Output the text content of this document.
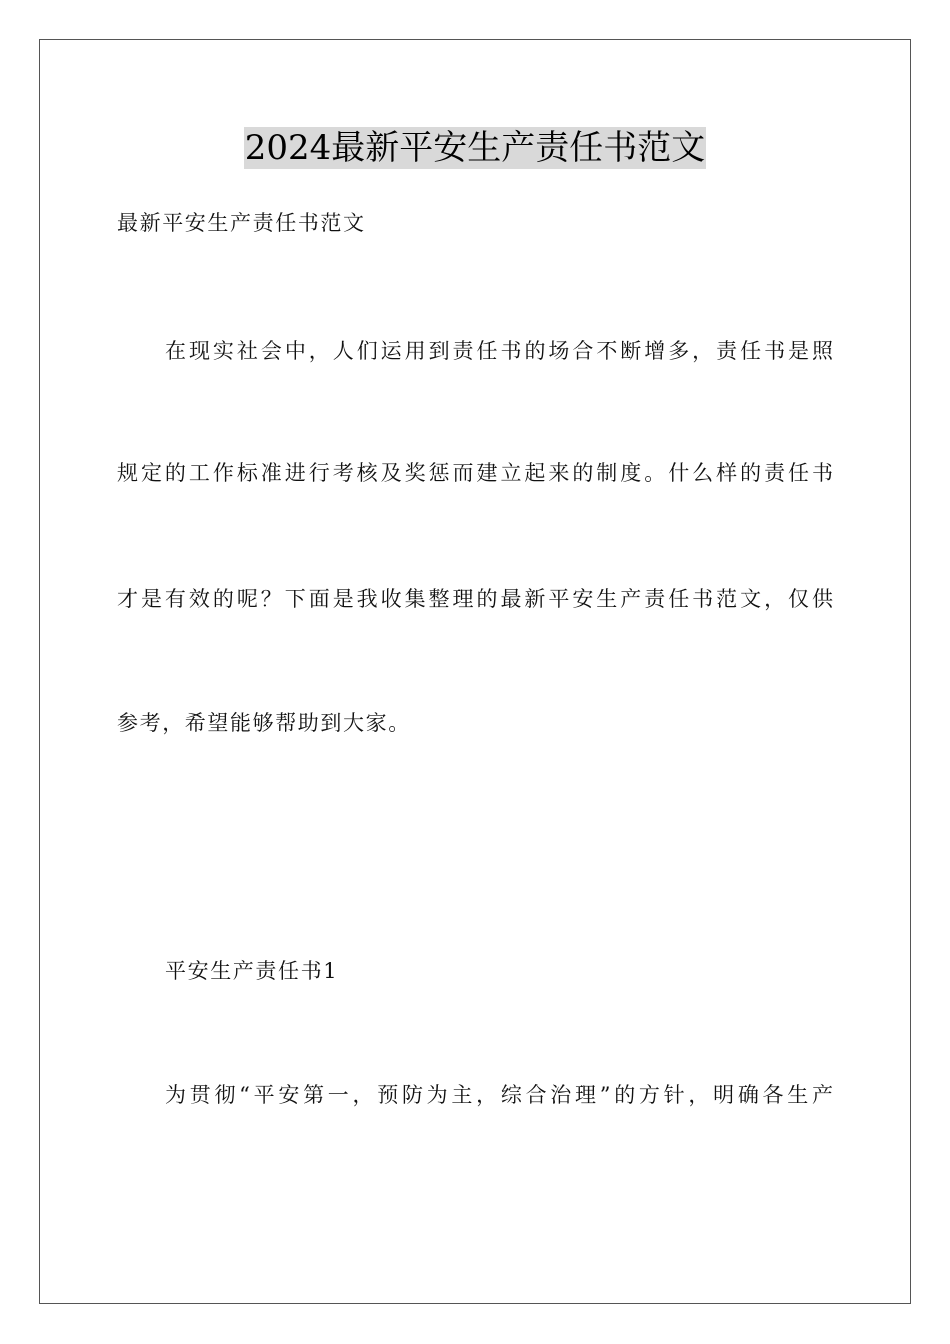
2024最新平安生产责任书范文
最新平安生产责任书范文
在现实社会中，人们运用到责任书的场合不断增多，责任书是照
规定的工作标准进行考核及奖惩而建立起来的制度。什么样的责任书
才是有效的呢？下面是我收集整理的最新平安生产责任书范文，仅供
参考，希望能够帮助到大家。
平安生产责任书1
为贯彻“平安第一，预防为主，综合治理”的方针，明确各生产
